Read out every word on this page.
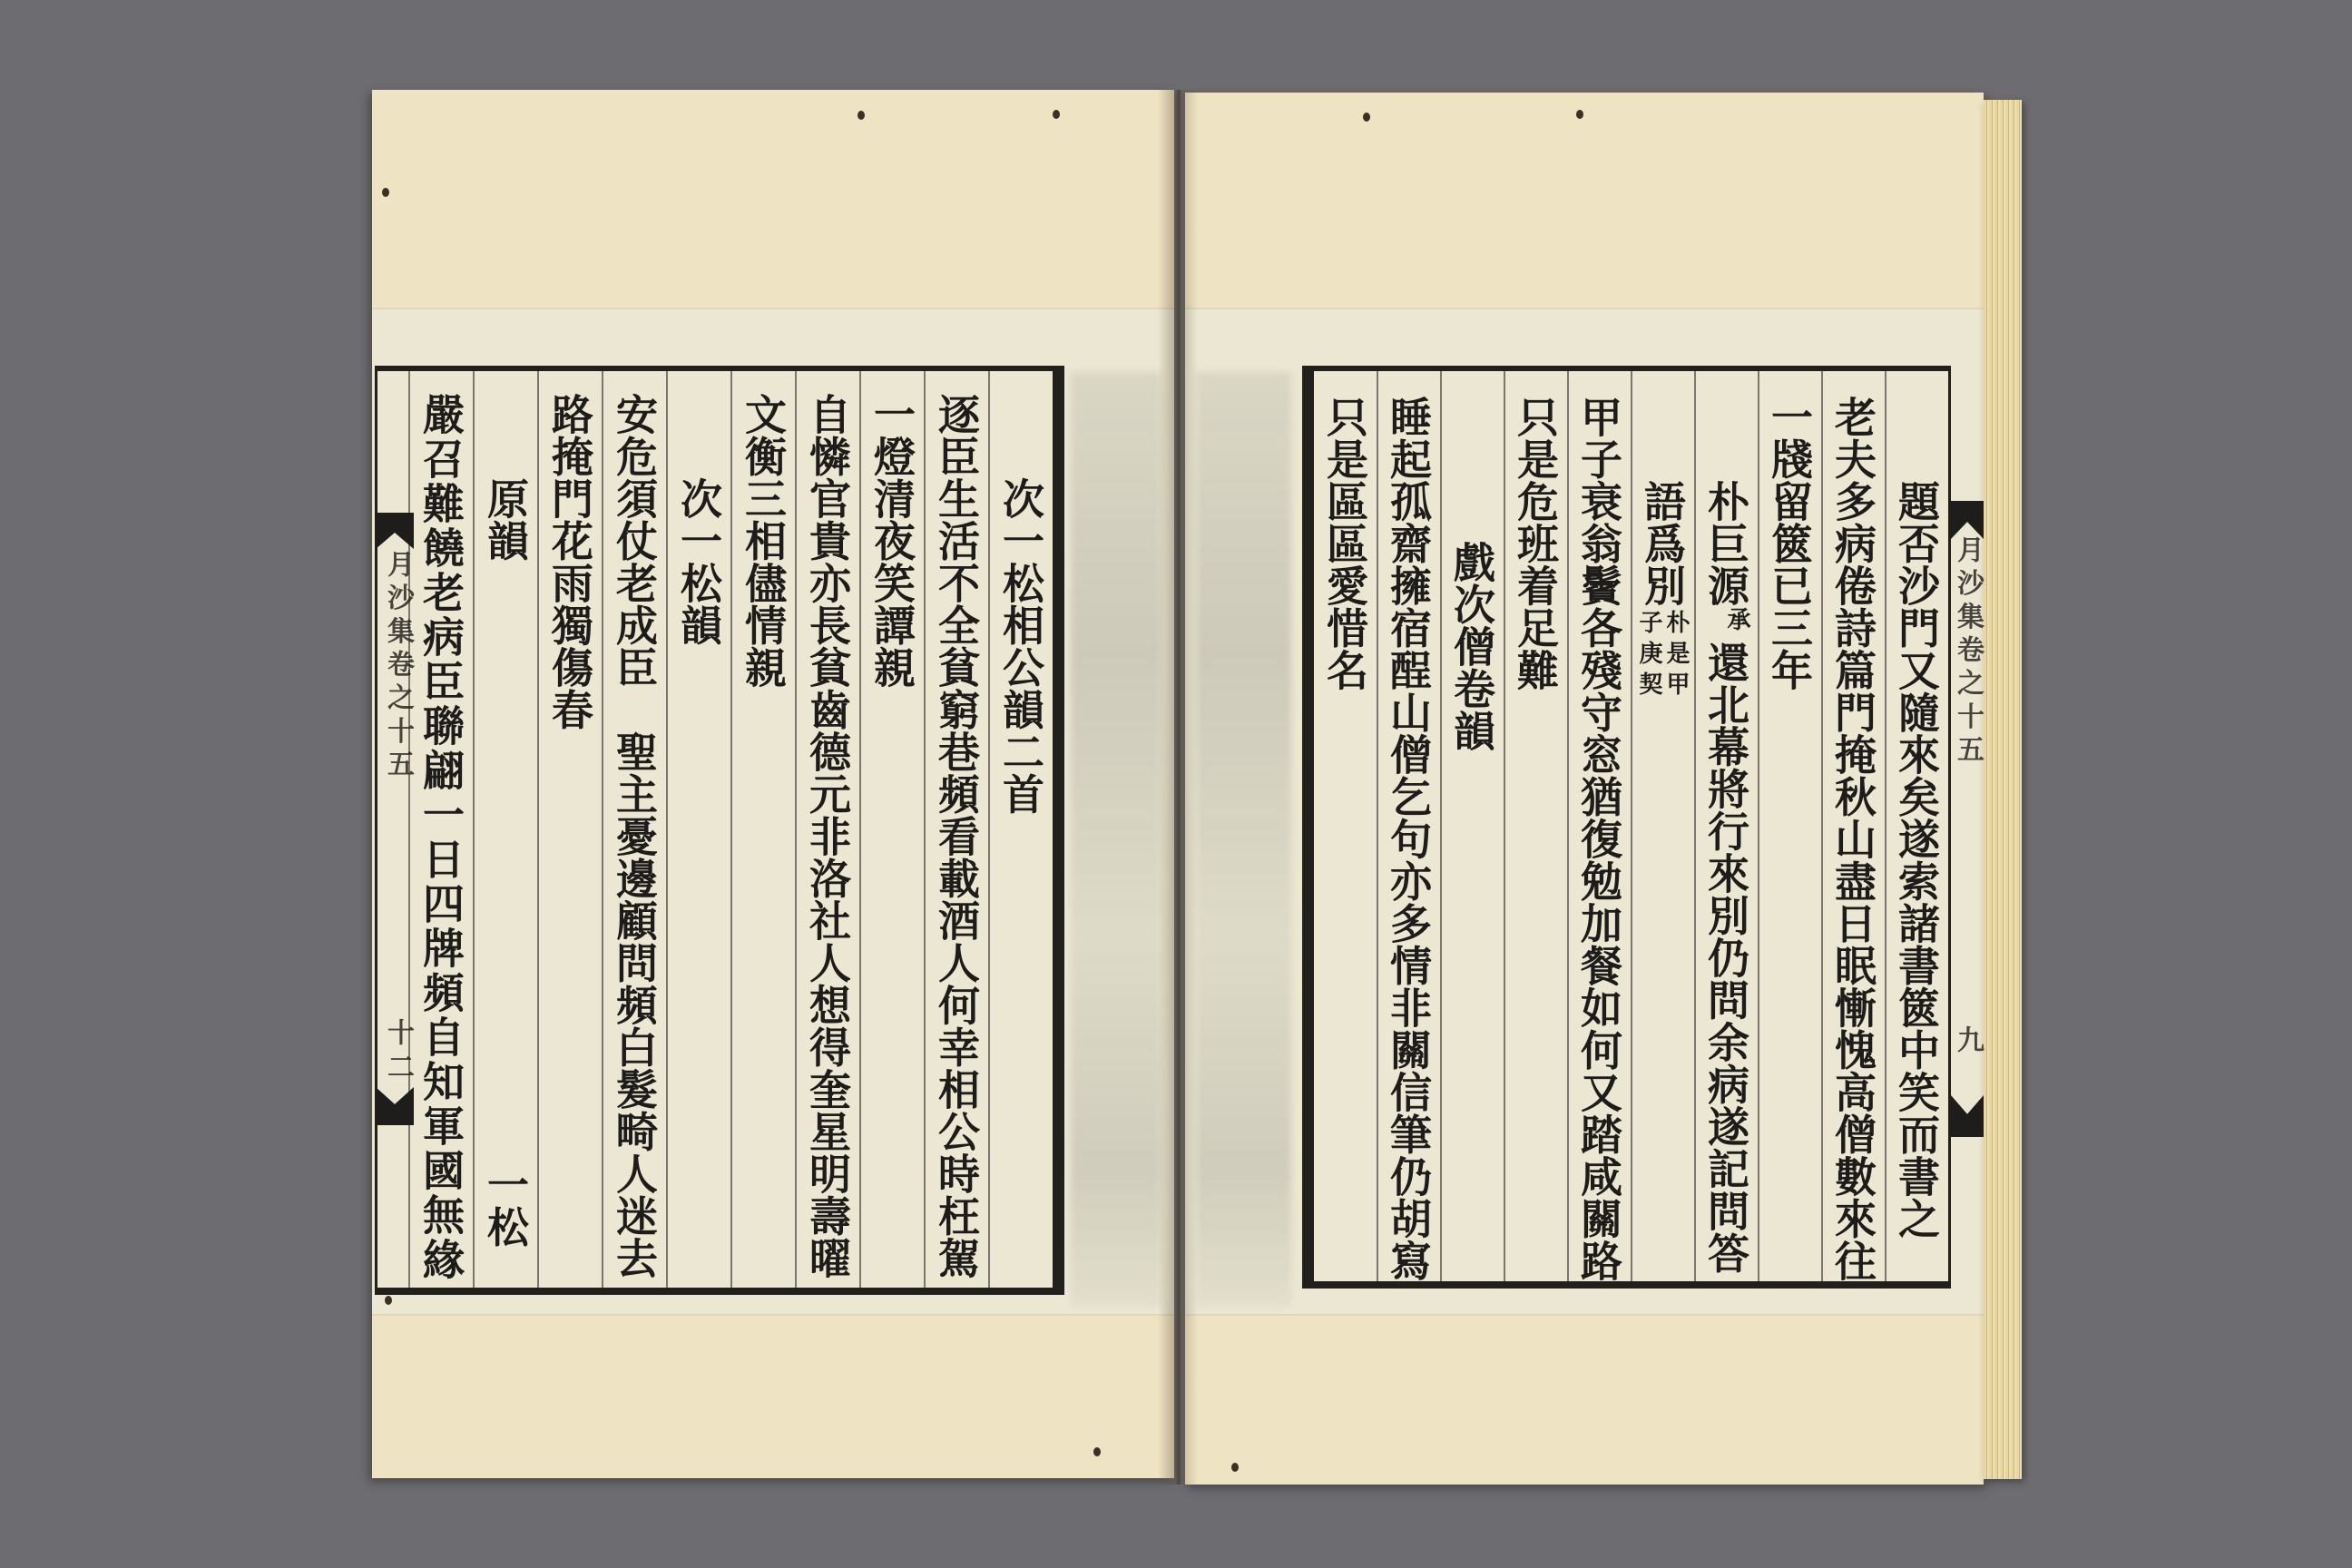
月沙集卷之十五
十二
月沙集卷之十五
九
次一松相公韻二首
逐臣生活不全貧窮巷頻看載酒人何幸相公時枉駕
一燈清夜笑譚親
自憐官貴亦長貧齒德元非洛社人想得奎星明壽曜
文衡三相儘情親
次一松韻
安危須仗老成臣　聖主憂邊顧問頻白髮畸人迷去
路掩門花雨獨傷春
原韻
一松
嚴召難饒老病臣聯翩一日四牌頻自知軍國無緣	題否沙門又隨來矣遂索諸書篋中笑而書之
老夫多病倦詩篇門掩秋山盡日眠慚愧高僧數來往
一牋留篋已三年
朴巨源承還北幕將行來別仍問余病遂記問答
語爲別
朴是甲
子庚契
甲子衰翁鬢各殘守窓猶復勉加餐如何又踏咸關路
只是危班着足難
戲次僧卷韻
睡起孤齋擁宿酲山僧乞句亦多情非關信筆仍胡寫
只是區區愛惜名
